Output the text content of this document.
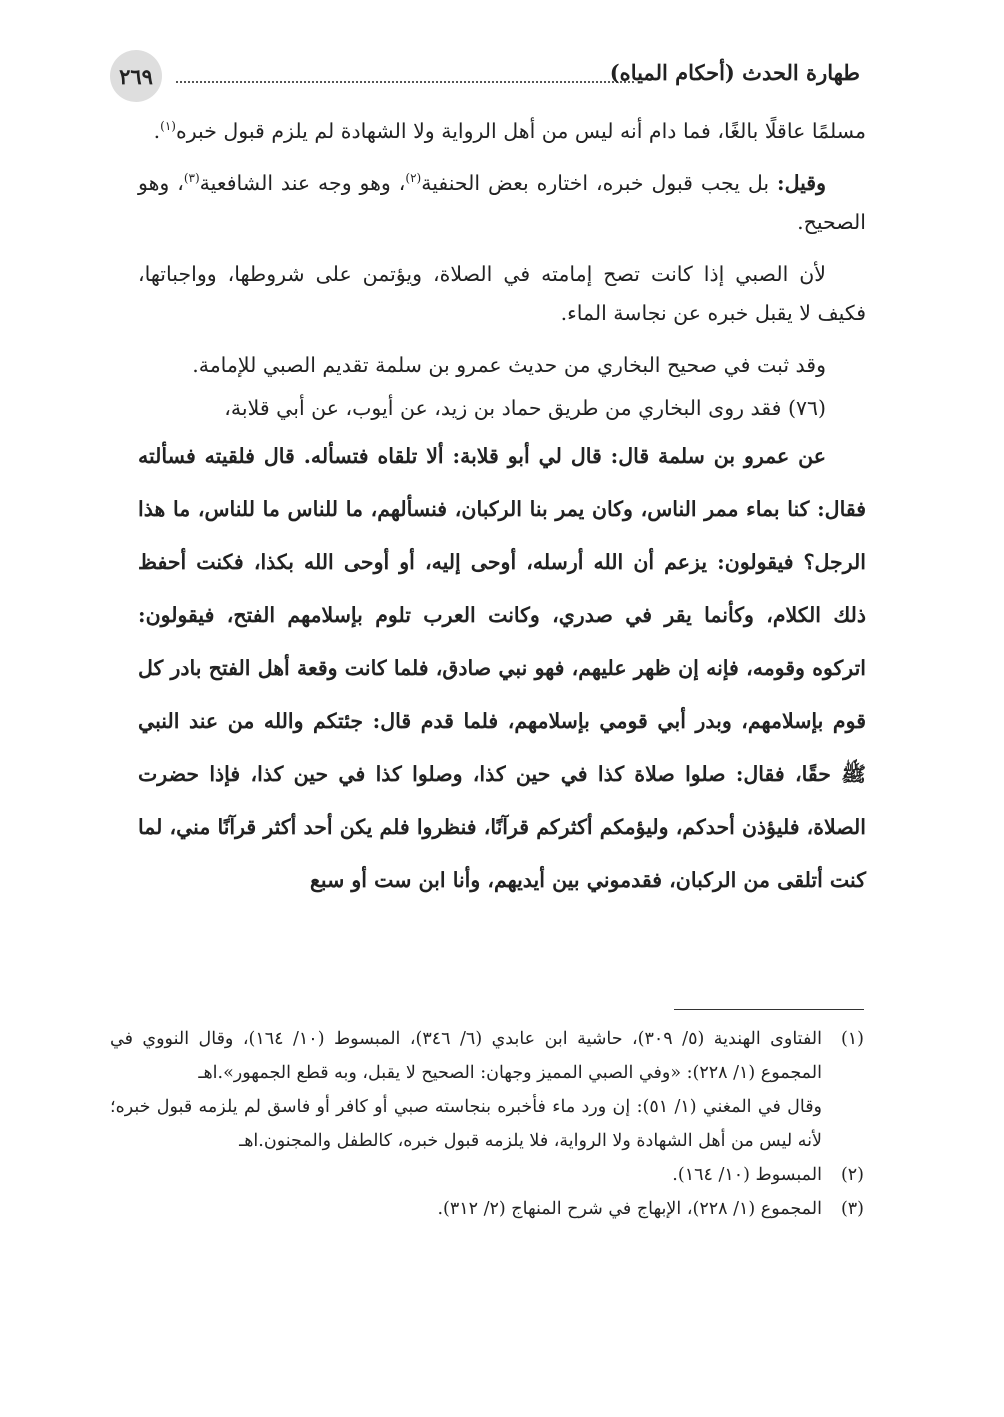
٢٦٩	طهارة الحدث (أحكام المياه)

مسلمًا عاقلًا بالغًا، فما دام أنه ليس من أهل الرواية ولا الشهادة لم يلزم قبول خبره$^{(١)}$.

وقيل: بل يجب قبول خبره، اختاره بعض الحنفية$^{(٢)}$، وهو وجه عند الشافعية$^{(٣)}$، وهو الصحيح.

لأن الصبي إذا كانت تصح إمامته في الصلاة، ويؤتمن على شروطها، وواجباتها، فكيف لا يقبل خبره عن نجاسة الماء.

وقد ثبت في صحيح البخاري من حديث عمرو بن سلمة تقديم الصبي للإمامة.

(٧٦) فقد روى البخاري من طريق حماد بن زيد، عن أيوب، عن أبي قلابة،

عن عمرو بن سلمة قال: قال لي أبو قلابة: ألا تلقاه فتسأله. قال فلقيته فسألته فقال: كنا بماء ممر الناس، وكان يمر بنا الركبان، فنسألهم، ما للناس ما للناس، ما هذا الرجل؟ فيقولون: يزعم أن الله أرسله، أوحى إليه، أو أوحى الله بكذا، فكنت أحفظ ذلك الكلام، وكأنما يقر في صدري، وكانت العرب تلوم بإسلامهم الفتح، فيقولون: اتركوه وقومه، فإنه إن ظهر عليهم، فهو نبي صادق، فلما كانت وقعة أهل الفتح بادر كل قوم بإسلامهم، وبدر أبي قومي بإسلامهم، فلما قدم قال: جئتكم والله من عند النبي ﷺ حقًا، فقال: صلوا صلاة كذا في حين كذا، وصلوا كذا في حين كذا، فإذا حضرت الصلاة، فليؤذن أحدكم، وليؤمكم أكثركم قرآنًا، فنظروا فلم يكن أحد أكثر قرآنًا مني، لما كنت أتلقى من الركبان، فقدموني بين أيديهم، وأنا ابن ست أو سبع

(١)
الفتاوى الهندية (٥/ ٣٠٩)، حاشية ابن عابدي (٦/ ٣٤٦)، المبسوط (١٠/ ١٦٤)، وقال النووي في المجموع (١/ ٢٢٨): «وفي الصبي المميز وجهان: الصحيح لا يقبل، وبه قطع الجمهور».اهـ
وقال في المغني (١/ ٥١): إن ورد ماء فأخبره بنجاسته صبي أو كافر أو فاسق لم يلزمه قبول خبره؛ لأنه ليس من أهل الشهادة ولا الرواية، فلا يلزمه قبول خبره، كالطفل والمجنون.اهـ
(٢)
المبسوط (١٠/ ١٦٤).
(٣)
المجموع (١/ ٢٢٨)، الإبهاج في شرح المنهاج (٢/ ٣١٢).
